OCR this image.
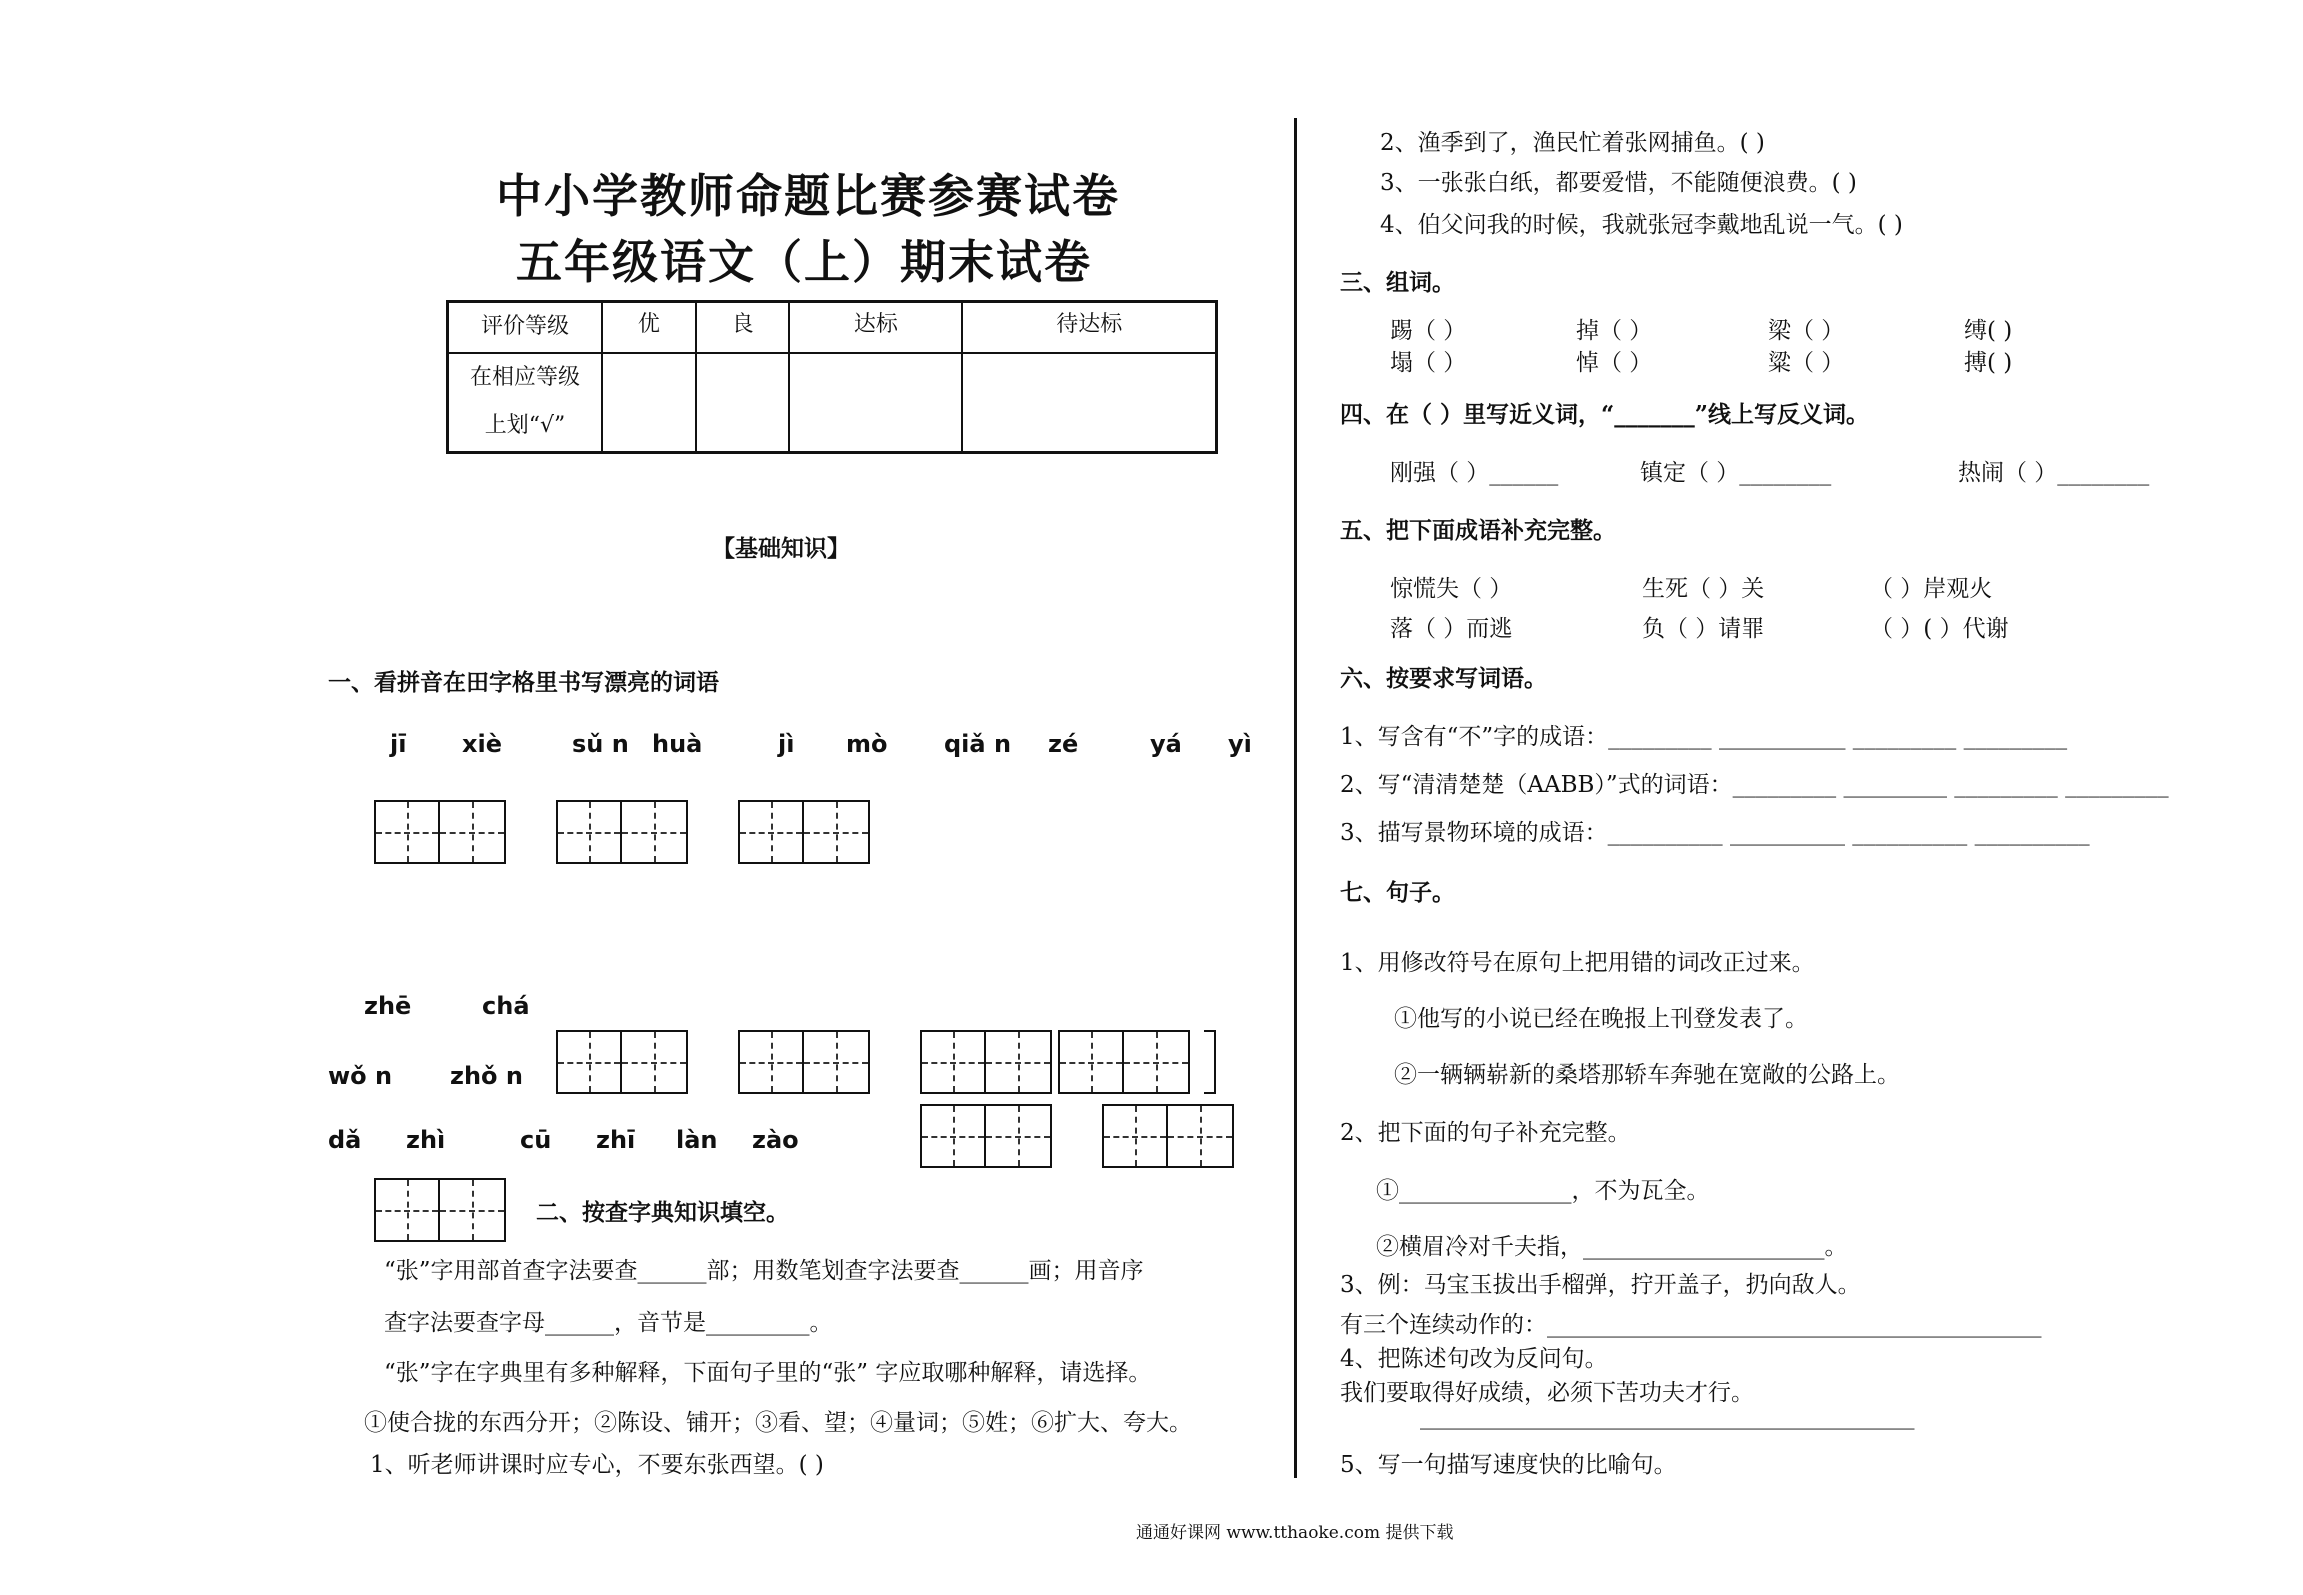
中小学教师命题比赛参赛试卷
五年级语文（上）期末试卷
评价等级	优	良	达标	待达标

在相应等级
上划“√”				

【基础知识】
一、看拼音在田字格里书写漂亮的词语
jī xiè	sǔ n huà	jì mò qiǎ n zé	yá yì
zhē	chá
wǒ n zhǒ n
dǎ zhì	cū zhī làn zào
二、按查字典知识填空。
“张”字用部首查字法要查______部；用数笔划查字法要查______画；用音序
查字法要查字母______，音节是_________。
“张”字在字典里有多种解释，下面句子里的“张” 字应取哪种解释，请选择。
①使合拢的东西分开；②陈设、铺开；③看、望；④量词；⑤姓；⑥扩大、夸大。
1、听老师讲课时应专心，不要东张西望。( )
2、渔季到了，渔民忙着张网捕鱼。( )
3、一张张白纸，都要爱惜，不能随便浪费。( )
4、伯父问我的时候，我就张冠李戴地乱说一气。( )
三、组词。
踢（ ）	掉（ ）	梁（ ）	缚( )
塌（ ）	悼（ ）	粱（ ）	搏( )
四、在（ ）里写近义词，“_______”线上写反义词。
刚强（ ）______	镇定（ ）________	热闹（ ）________
五、把下面成语补充完整。
惊慌失（ ）	生死（ ）关	（ ）岸观火
落（ ）而逃	负（ ）请罪	（ ）( ）代谢
六、按要求写词语。
1、写含有“不”字的成语：_________ ___________ _________ _________
2、写“清清楚楚（AABB）”式的词语：_________ _________ _________ _________
3、描写景物环境的成语：__________ __________ __________ __________
七、句子。
1、用修改符号在原句上把用错的词改正过来。
①他写的小说已经在晚报上刊登发表了。
②一辆辆崭新的桑塔那轿车奔驰在宽敞的公路上。
2、把下面的句子补充完整。
①_______________，不为瓦全。
②横眉冷对千夫指，_____________________。
3、例：马宝玉拔出手榴弹，拧开盖子，扔向敌人。
有三个连续动作的：___________________________________________
4、把陈述句改为反问句。
我们要取得好成绩，必须下苦功夫才行。
___________________________________________
5、写一句描写速度快的比喻句。
通通好课网 www.tthaoke.com 提供下载
